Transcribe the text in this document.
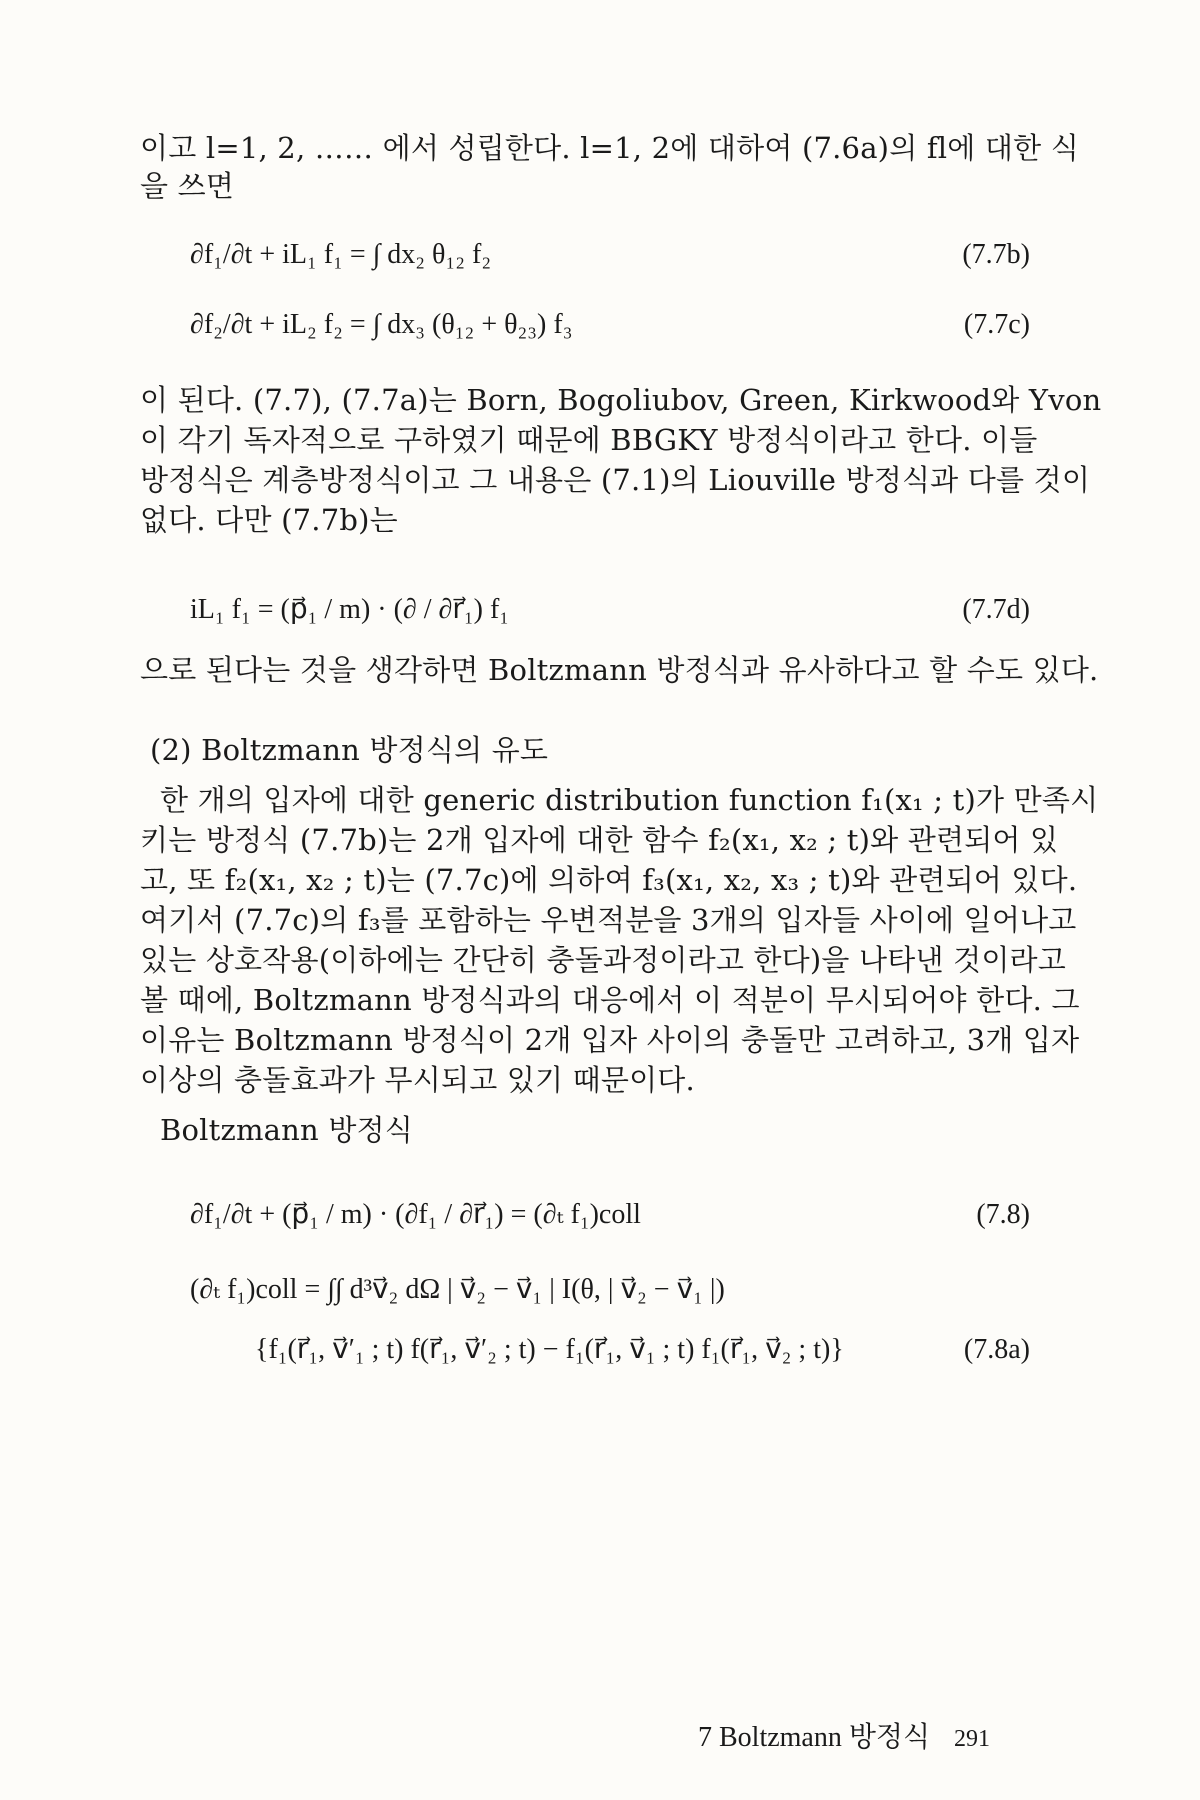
이고 l=1, 2, …… 에서 성립한다. l=1, 2에 대하여 (7.6a)의 fl에 대한 식
을 쓰면
∂f₁/∂t + iL₁ f₁ = ∫ dx₂ θ₁₂ f₂	(7.7b)
∂f₂/∂t + iL₂ f₂ = ∫ dx₃ (θ₁₂ + θ₂₃) f₃	(7.7c)
이 된다. (7.7), (7.7a)는 Born, Bogoliubov, Green, Kirkwood와 Yvon
이 각기 독자적으로 구하였기 때문에 BBGKY 방정식이라고 한다. 이들
방정식은 계층방정식이고 그 내용은 (7.1)의 Liouville 방정식과 다를 것이
없다. 다만 (7.7b)는
iL₁ f₁ = (p⃗₁ / m) · (∂ / ∂r⃗₁) f₁	(7.7d)
으로 된다는 것을 생각하면 Boltzmann 방정식과 유사하다고 할 수도 있다.
(2) Boltzmann 방정식의 유도
한 개의 입자에 대한 generic distribution function f₁(x₁ ; t)가 만족시
키는 방정식 (7.7b)는 2개 입자에 대한 함수 f₂(x₁, x₂ ; t)와 관련되어 있
고, 또 f₂(x₁, x₂ ; t)는 (7.7c)에 의하여 f₃(x₁, x₂, x₃ ; t)와 관련되어 있다.
여기서 (7.7c)의 f₃를 포함하는 우변적분을 3개의 입자들 사이에 일어나고
있는 상호작용(이하에는 간단히 충돌과정이라고 한다)을 나타낸 것이라고
볼 때에, Boltzmann 방정식과의 대응에서 이 적분이 무시되어야 한다. 그
이유는 Boltzmann 방정식이 2개 입자 사이의 충돌만 고려하고, 3개 입자
이상의 충돌효과가 무시되고 있기 때문이다.
Boltzmann 방정식
∂f₁/∂t + (p⃗₁ / m) · (∂f₁ / ∂r⃗₁) = (∂ₜ f₁)coll	(7.8)
(∂ₜ f₁)coll = ∫∫ d³v⃗₂ dΩ | v⃗₂ − v⃗₁ | I(θ, | v⃗₂ − v⃗₁ |)
{f₁(r⃗₁, v⃗′₁ ; t) f(r⃗₁, v⃗′₂ ; t) − f₁(r⃗₁, v⃗₁ ; t) f₁(r⃗₁, v⃗₂ ; t)}	(7.8a)
7 Boltzmann 방정식 291
